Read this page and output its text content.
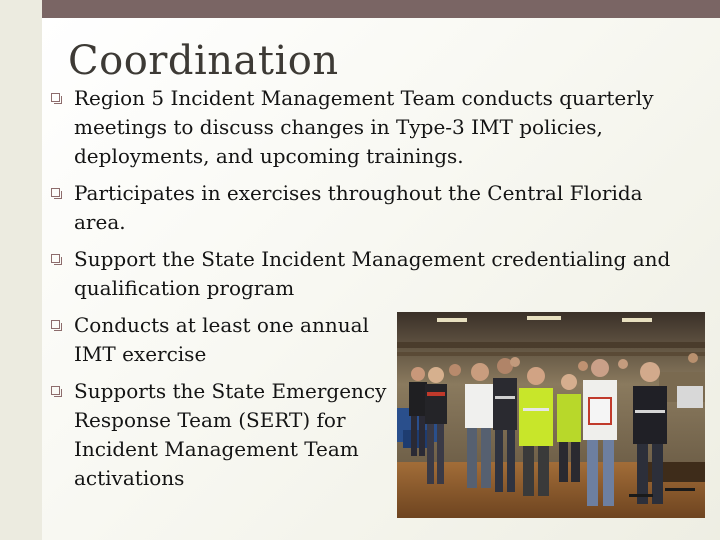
Coordination
Region 5 Incident Management Team conducts quarterly meetings to discuss changes in Type-3 IMT policies, deployments, and upcoming trainings.
Participates in exercises throughout the Central Florida area.
Support the State Incident Management credentialing and qualification program
Conducts at least one annual IMT exercise
Supports the State Emergency Response Team (SERT) for Incident Management Team activations
